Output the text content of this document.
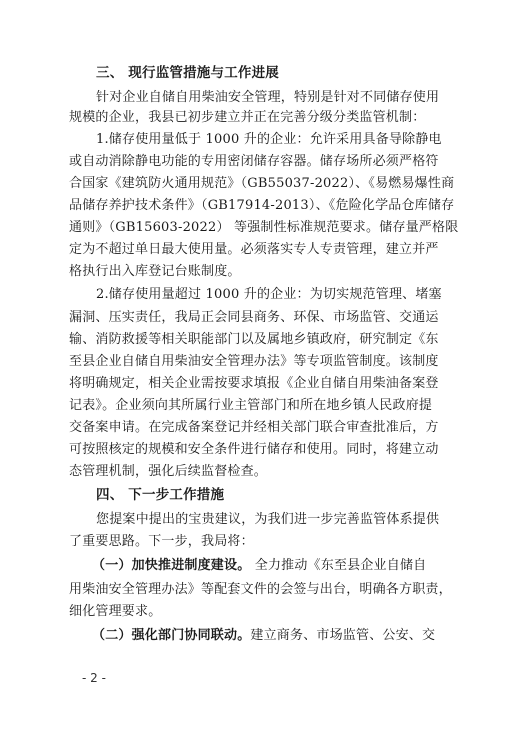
三、 现行监管措施与工作进展
针对企业自储自用柴油安全管理，特别是针对不同储存使用
规模的企业，我县已初步建立并正在完善分级分类监管机制：
1.储存使用量低于 1000 升的企业：允许采用具备导除静电
或自动消除静电功能的专用密闭储存容器。储存场所必须严格符
合国家《建筑防火通用规范》（GB55037-2022）、《易燃易爆性商
品储存养护技术条件》（GB17914-2013）、《危险化学品仓库储存
通则》（GB15603-2022） 等强制性标准规范要求。储存量严格限
定为不超过单日最大使用量。必须落实专人专责管理，建立并严
格执行出入库登记台账制度。
2.储存使用量超过 1000 升的企业：为切实规范管理、堵塞
漏洞、压实责任，我局正会同县商务、环保、市场监管、交通运
输、消防救援等相关职能部门以及属地乡镇政府，研究制定《东
至县企业自储自用柴油安全管理办法》等专项监管制度。该制度
将明确规定，相关企业需按要求填报《企业自储自用柴油备案登
记表》。企业须向其所属行业主管部门和所在地乡镇人民政府提
交备案申请。在完成备案登记并经相关部门联合审查批准后，方
可按照核定的规模和安全条件进行储存和使用。同时，将建立动
态管理机制，强化后续监督检查。
四、 下一步工作措施
您提案中提出的宝贵建议，为我们进一步完善监管体系提供
了重要思路。下一步，我局将：
（一）加快推进制度建设。 全力推动《东至县企业自储自
用柴油安全管理办法》等配套文件的会签与出台，明确各方职责，
细化管理要求。
（二）强化部门协同联动。建立商务、市场监管、公安、交
- 2 -
